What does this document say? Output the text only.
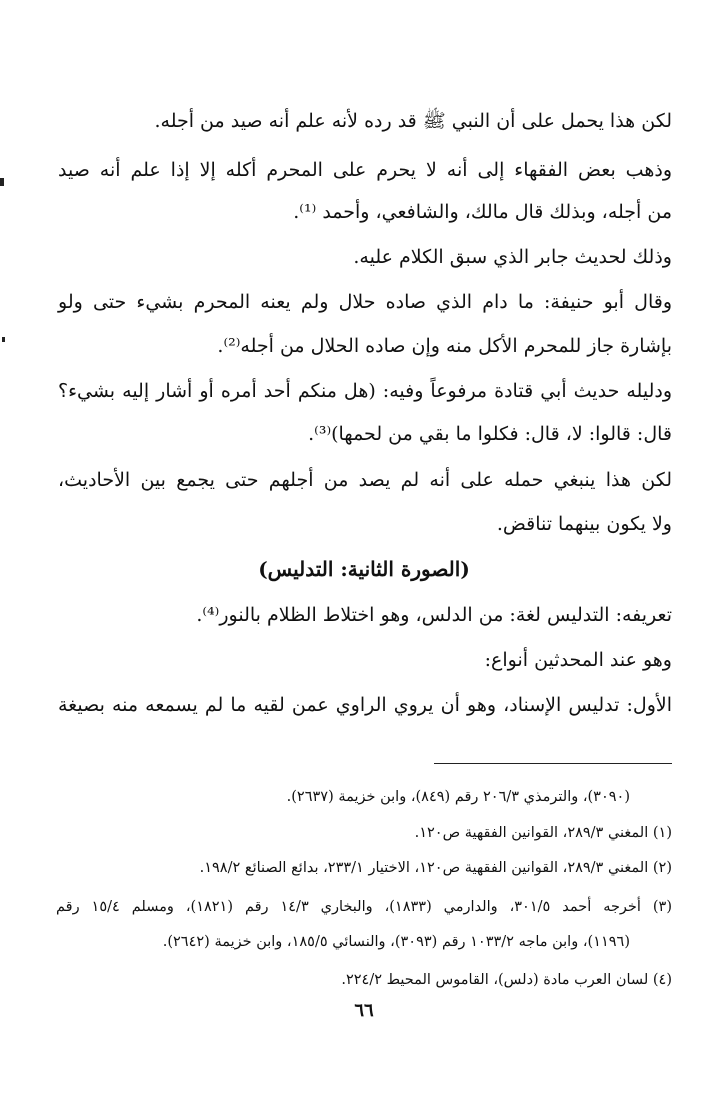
لكن هذا يحمل على أن النبي ﷺ قد رده لأنه علم أنه صيد من أجله.
وذهب بعض الفقهاء إلى أنه لا يحرم على المحرم أكله إلا إذا علم أنه صيد
من أجله، وبذلك قال مالك، والشافعي، وأحمد ⁽¹⁾.
وذلك لحديث جابر الذي سبق الكلام عليه.
وقال أبو حنيفة: ما دام الذي صاده حلال ولم يعنه المحرم بشيء حتى ولو
بإشارة جاز للمحرم الأكل منه وإن صاده الحلال من أجله⁽²⁾.
ودليله حديث أبي قتادة مرفوعاً وفيه: (هل منكم أحد أمره أو أشار إليه بشيء؟
قال: قالوا: لا، قال: فكلوا ما بقي من لحمها)⁽³⁾.
لكن هذا ينبغي حمله على أنه لم يصد من أجلهم حتى يجمع بين الأحاديث،
ولا يكون بينهما تناقض.
(الصورة الثانية: التدليس)
تعريفه: التدليس لغة: من الدلس، وهو اختلاط الظلام بالنور⁽⁴⁾.
وهو عند المحدثين أنواع:
الأول: تدليس الإسناد، وهو أن يروي الراوي عمن لقيه ما لم يسمعه منه بصيغة
(٣٠٩٠)، والترمذي ٢٠٦/٣ رقم (٨٤٩)، وابن خزيمة (٢٦٣٧).
(١) المغني ٢٨٩/٣، القوانين الفقهية ص١٢٠.
(٢) المغني ٢٨٩/٣، القوانين الفقهية ص١٢٠، الاختيار ٢٣٣/١، بدائع الصنائع ١٩٨/٢.
(٣) أخرجه أحمد ٣٠١/٥، والدارمي (١٨٣٣)، والبخاري ١٤/٣ رقم (١٨٢١)، ومسلم ١٥/٤ رقم
(١١٩٦)، وابن ماجه ١٠٣٣/٢ رقم (٣٠٩٣)، والنسائي ١٨٥/٥، وابن خزيمة (٢٦٤٢).
(٤) لسان العرب مادة (دلس)، القاموس المحيط ٢٢٤/٢.
٦٦
